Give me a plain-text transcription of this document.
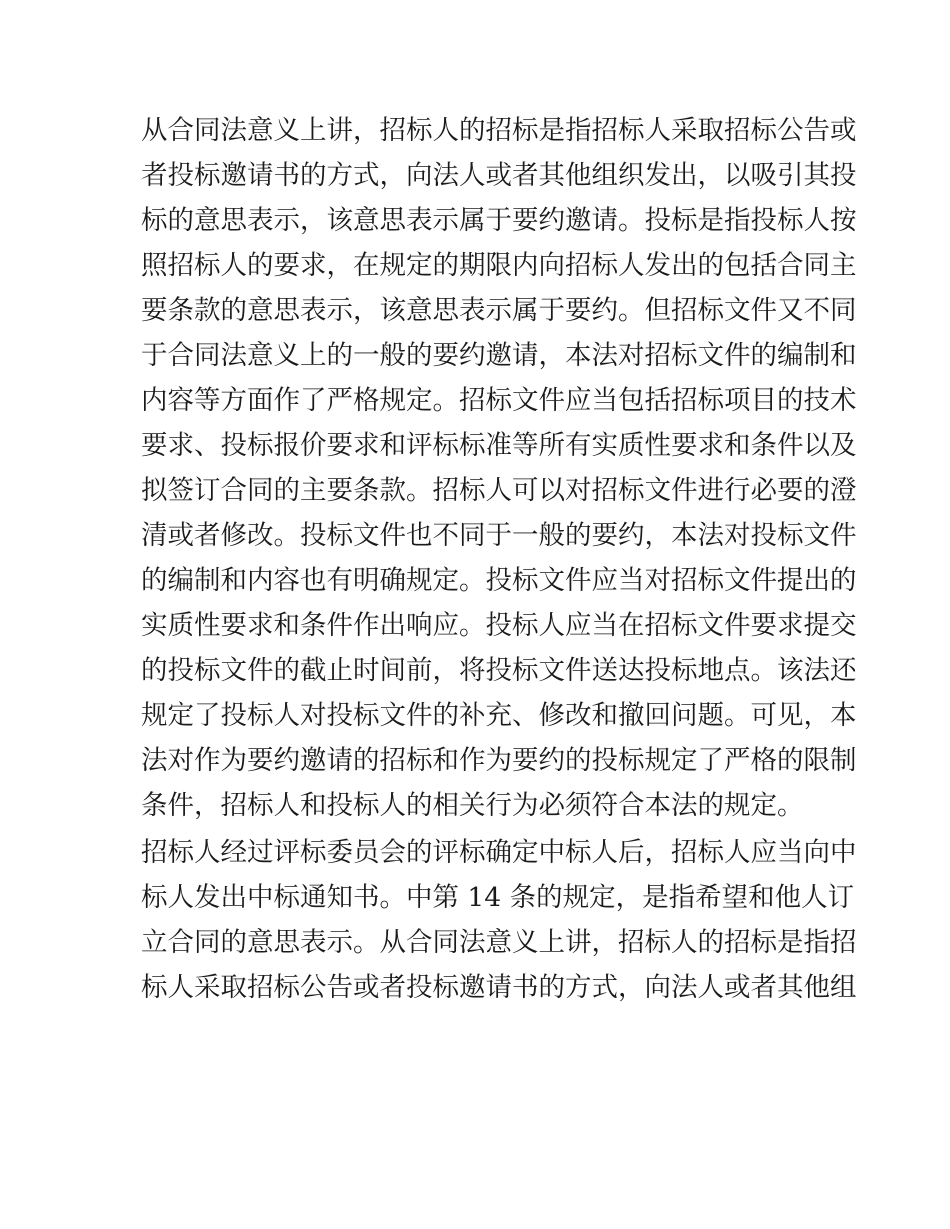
从合同法意义上讲，招标人的招标是指招标人采取招标公告或

者投标邀请书的方式，向法人或者其他组织发出，以吸引其投

标的意思表示，该意思表示属于要约邀请。投标是指投标人按

照招标人的要求，在规定的期限内向招标人发出的包括合同主

要条款的意思表示，该意思表示属于要约。但招标文件又不同

于合同法意义上的一般的要约邀请，本法对招标文件的编制和

内容等方面作了严格规定。招标文件应当包括招标项目的技术

要求、投标报价要求和评标标准等所有实质性要求和条件以及

拟签订合同的主要条款。招标人可以对招标文件进行必要的澄

清或者修改。投标文件也不同于一般的要约，本法对投标文件

的编制和内容也有明确规定。投标文件应当对招标文件提出的

实质性要求和条件作出响应。投标人应当在招标文件要求提交

的投标文件的截止时间前，将投标文件送达投标地点。该法还

规定了投标人对投标文件的补充、修改和撤回问题。可见，本

法对作为要约邀请的招标和作为要约的投标规定了严格的限制

条件，招标人和投标人的相关行为必须符合本法的规定。

招标人经过评标委员会的评标确定中标人后，招标人应当向中

标人发出中标通知书。中第 14 条的规定，是指希望和他人订

立合同的意思表示。从合同法意义上讲，招标人的招标是指招

标人采取招标公告或者投标邀请书的方式，向法人或者其他组
